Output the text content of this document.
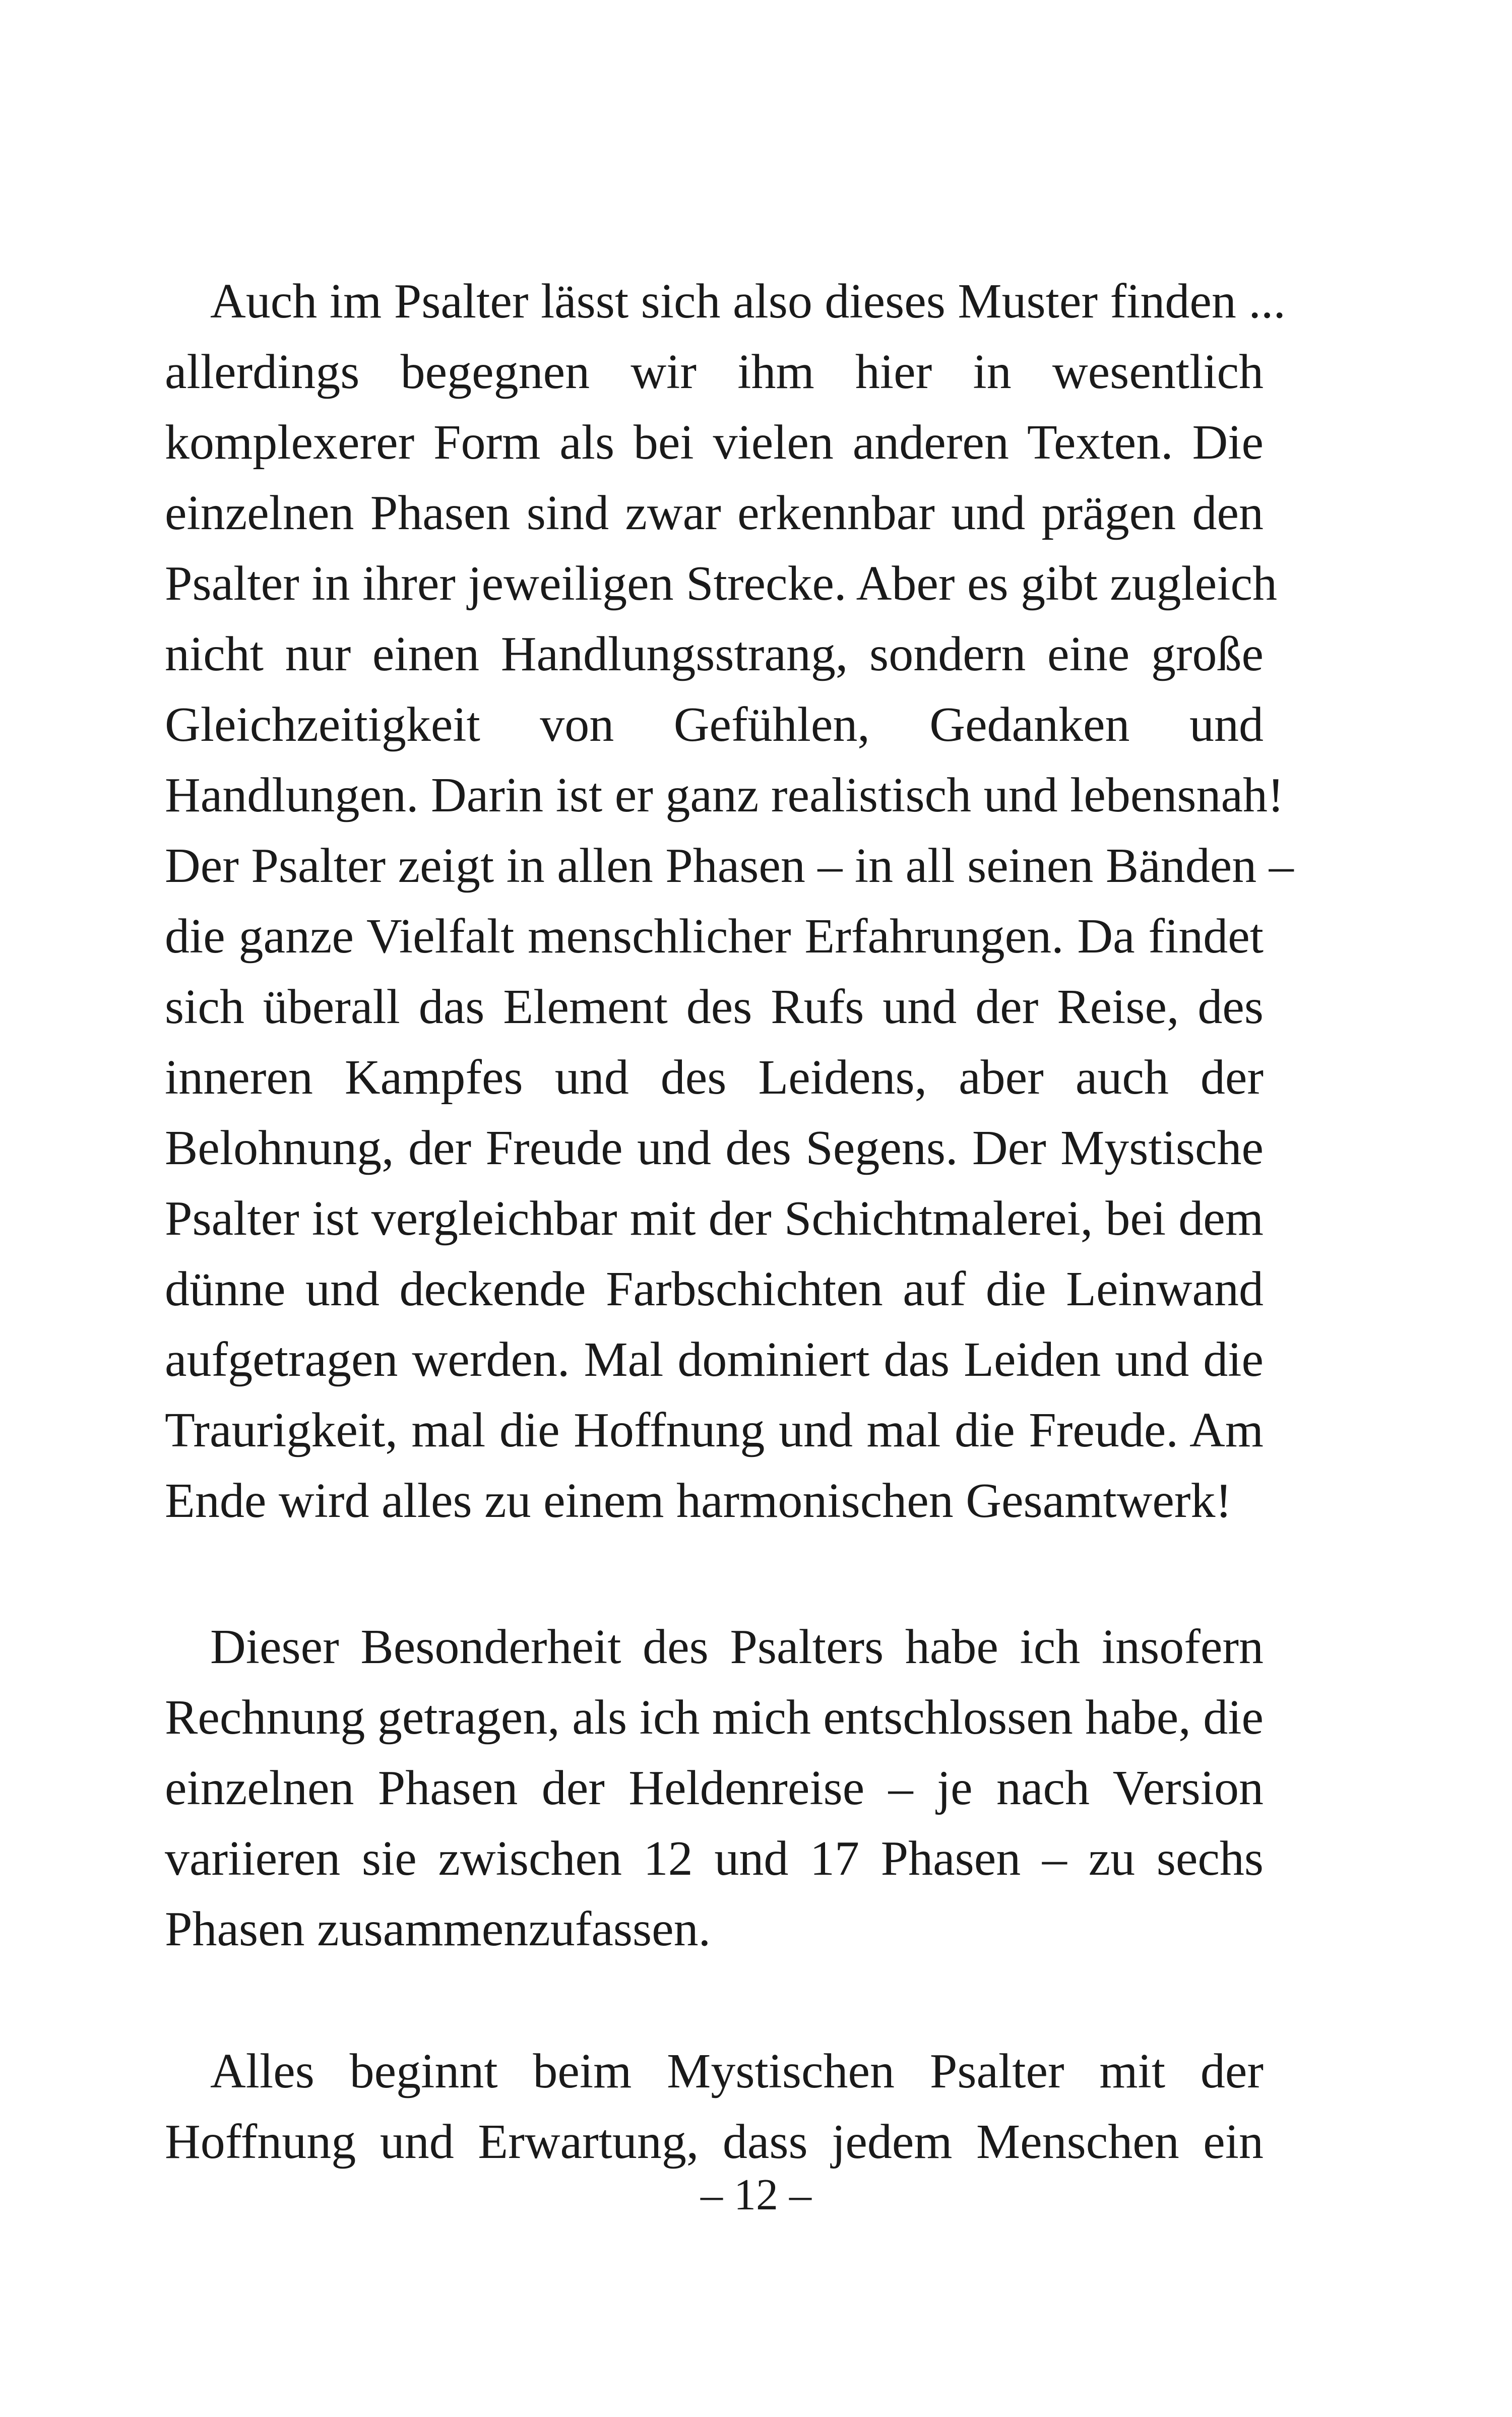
Auch im Psalter lässt sich also dieses Muster finden ...
allerdings begegnen wir ihm hier in wesentlich
komplexerer Form als bei vielen anderen Texten. Die
einzelnen Phasen sind zwar erkennbar und prägen den
Psalter in ihrer jeweiligen Strecke. Aber es gibt zugleich
nicht nur einen Handlungsstrang, sondern eine große
Gleichzeitigkeit von Gefühlen, Gedanken und
Handlungen. Darin ist er ganz realistisch und lebensnah!
Der Psalter zeigt in allen Phasen – in all seinen Bänden –
die ganze Vielfalt menschlicher Erfahrungen. Da findet
sich überall das Element des Rufs und der Reise, des
inneren Kampfes und des Leidens, aber auch der
Belohnung, der Freude und des Segens. Der Mystische
Psalter ist vergleichbar mit der Schichtmalerei, bei dem
dünne und deckende Farbschichten auf die Leinwand
aufgetragen werden. Mal dominiert das Leiden und die
Traurigkeit, mal die Hoffnung und mal die Freude. Am
Ende wird alles zu einem harmonischen Gesamtwerk!
Dieser Besonderheit des Psalters habe ich insofern
Rechnung getragen, als ich mich entschlossen habe, die
einzelnen Phasen der Heldenreise – je nach Version
variieren sie zwischen 12 und 17 Phasen – zu sechs
Phasen zusammenzufassen.
Alles beginnt beim Mystischen Psalter mit der
Hoffnung und Erwartung, dass jedem Menschen ein
– 12 –
